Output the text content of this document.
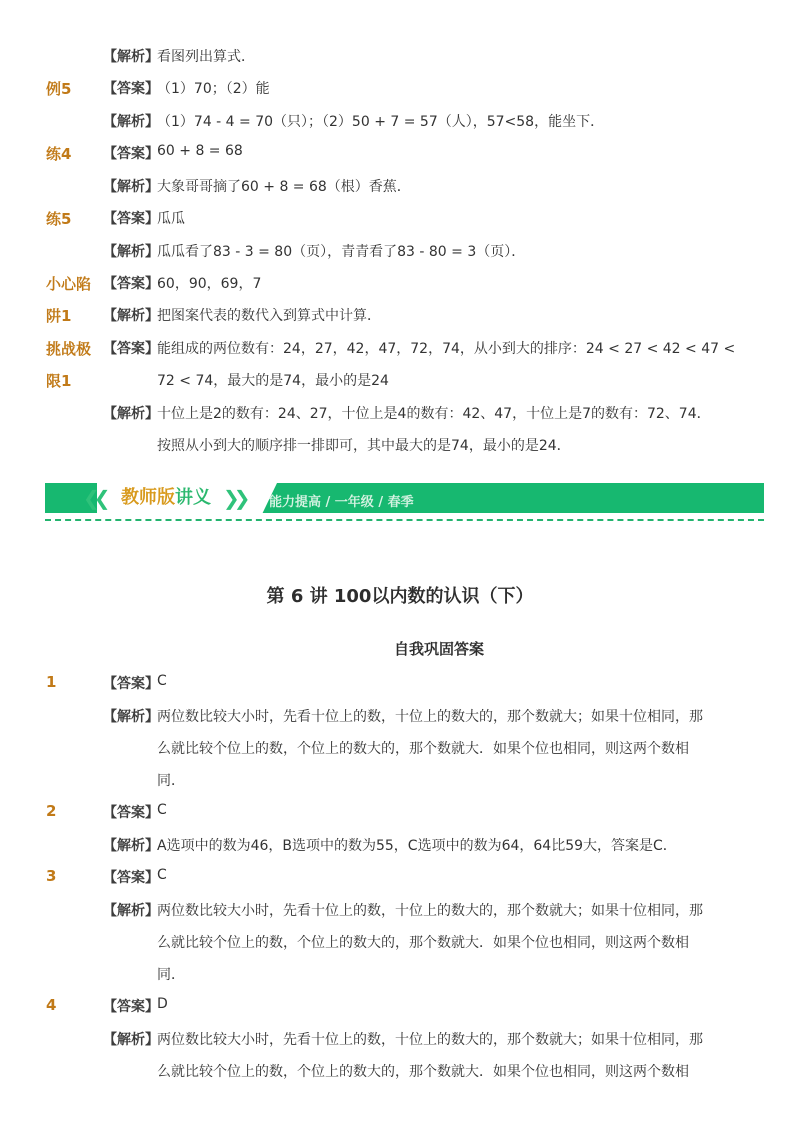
【解析】
看图列出算式．
例5 【答案】
（1）70；（2）能
【解析】
（1）74 - 4 = 70（只）；（2）50 + 7 = 57（人），57<58，能坐下．
练4 【答案】
60 + 8 = 68
【解析】
大象哥哥摘了60 + 8 = 68（根）香蕉．
练5 【答案】
瓜瓜
【解析】
瓜瓜看了83 - 3 = 80（页），青青看了83 - 80 = 3（页）．
小心陷 【答案】
60，90，69，7
阱1 【解析】
把图案代表的数代入到算式中计算．
挑战极 【答案】
能组成的两位数有：24，27，42，47，72，74，从小到大的排序：24 < 27 < 42 < 47 <
限1	72 < 74，最大的是74，最小的是24
【解析】
十位上是2的数有：24、27，十位上是4的数有：42、47，十位上是7的数有：72、74．
按照从小到大的顺序排一排即可，其中最大的是74，最小的是24．
❮❮	❯❯
教师版讲义	能力提高 / 一年级 / 春季
第 6 讲 100以内数的认识（下）
自我巩固答案
1	【答案】
C
【解析】
两位数比较大小时，先看十位上的数，十位上的数大的，那个数就大；如果十位相同，那
么就比较个位上的数，个位上的数大的，那个数就大．如果个位也相同，则这两个数相
同．
2	【答案】
C
【解析】
A选项中的数为46，B选项中的数为55，C选项中的数为64，64比59大，答案是C．
3	【答案】
C
【解析】
两位数比较大小时，先看十位上的数，十位上的数大的，那个数就大；如果十位相同，那
么就比较个位上的数，个位上的数大的，那个数就大．如果个位也相同，则这两个数相
同．
4	【答案】
D
【解析】
两位数比较大小时，先看十位上的数，十位上的数大的，那个数就大；如果十位相同，那
么就比较个位上的数，个位上的数大的，那个数就大．如果个位也相同，则这两个数相
